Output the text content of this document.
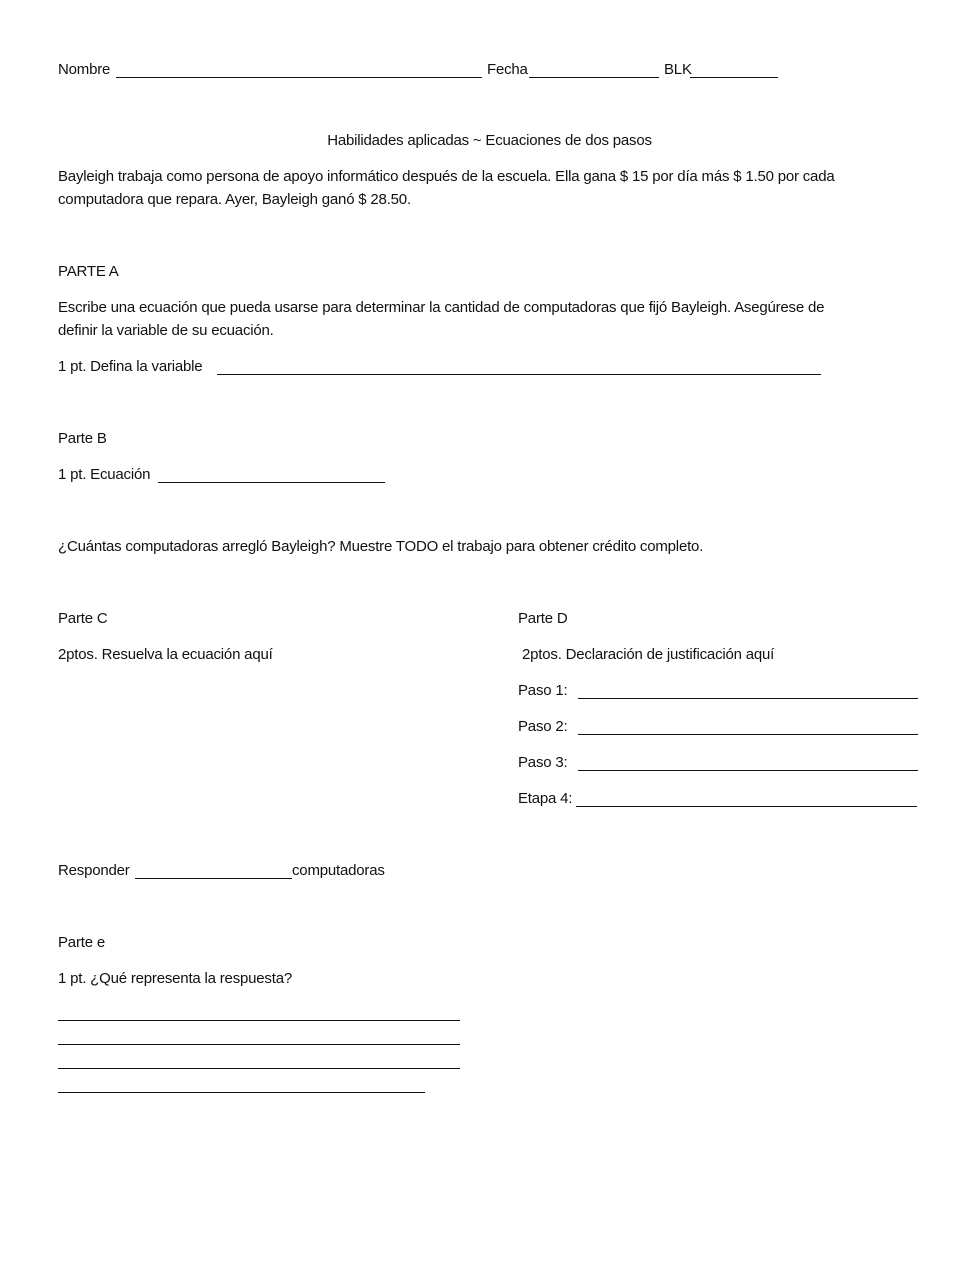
Nombre	Fecha	BLK
Habilidades aplicadas ~ Ecuaciones de dos pasos
Bayleigh trabaja como persona de apoyo informático después de la escuela. Ella gana $ 15 por día más $ 1.50 por cada
computadora que repara. Ayer, Bayleigh ganó $ 28.50.
PARTE A
Escribe una ecuación que pueda usarse para determinar la cantidad de computadoras que fijó Bayleigh. Asegúrese de
definir la variable de su ecuación.
1 pt. Defina la variable
Parte B
1 pt. Ecuación
¿Cuántas computadoras arregló Bayleigh? Muestre TODO el trabajo para obtener crédito completo.
Parte C
2ptos. Resuelva la ecuación aquí
Parte D
2ptos. Declaración de justificación aquí
Paso 1:
Paso 2:
Paso 3:
Etapa 4:
Responder	computadoras
Parte e
1 pt. ¿Qué representa la respuesta?
